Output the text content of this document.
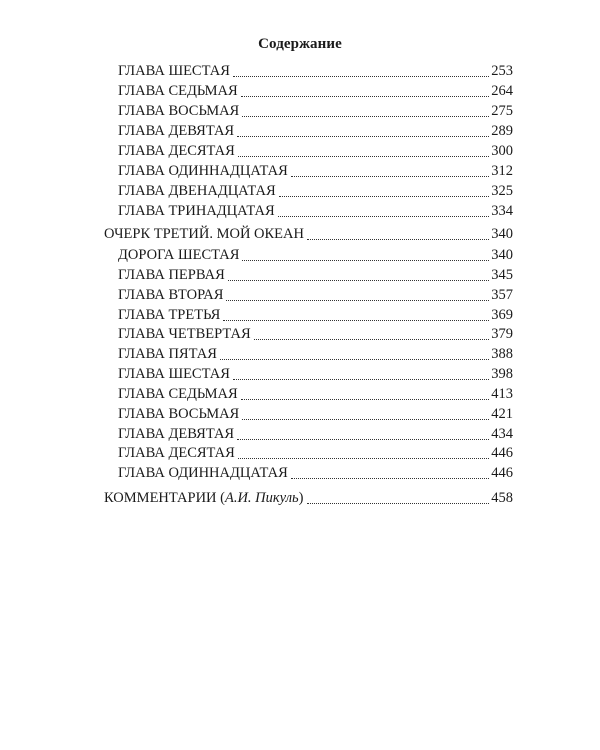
Содержание
ГЛАВА ШЕСТАЯ	253
ГЛАВА СЕДЬМАЯ	264
ГЛАВА ВОСЬМАЯ	275
ГЛАВА ДЕВЯТАЯ	289
ГЛАВА ДЕСЯТАЯ	300
ГЛАВА ОДИННАДЦАТАЯ	312
ГЛАВА ДВЕНАДЦАТАЯ	325
ГЛАВА ТРИНАДЦАТАЯ	334
ОЧЕРК ТРЕТИЙ. МОЙ ОКЕАН	340
ДОРОГА ШЕСТАЯ	340
ГЛАВА ПЕРВАЯ	345
ГЛАВА ВТОРАЯ	357
ГЛАВА ТРЕТЬЯ	369
ГЛАВА ЧЕТВЕРТАЯ	379
ГЛАВА ПЯТАЯ	388
ГЛАВА ШЕСТАЯ	398
ГЛАВА СЕДЬМАЯ	413
ГЛАВА ВОСЬМАЯ	421
ГЛАВА ДЕВЯТАЯ	434
ГЛАВА ДЕСЯТАЯ	446
ГЛАВА ОДИННАДЦАТАЯ	446
КОММЕНТАРИИ (А.И. Пикуль)	458
